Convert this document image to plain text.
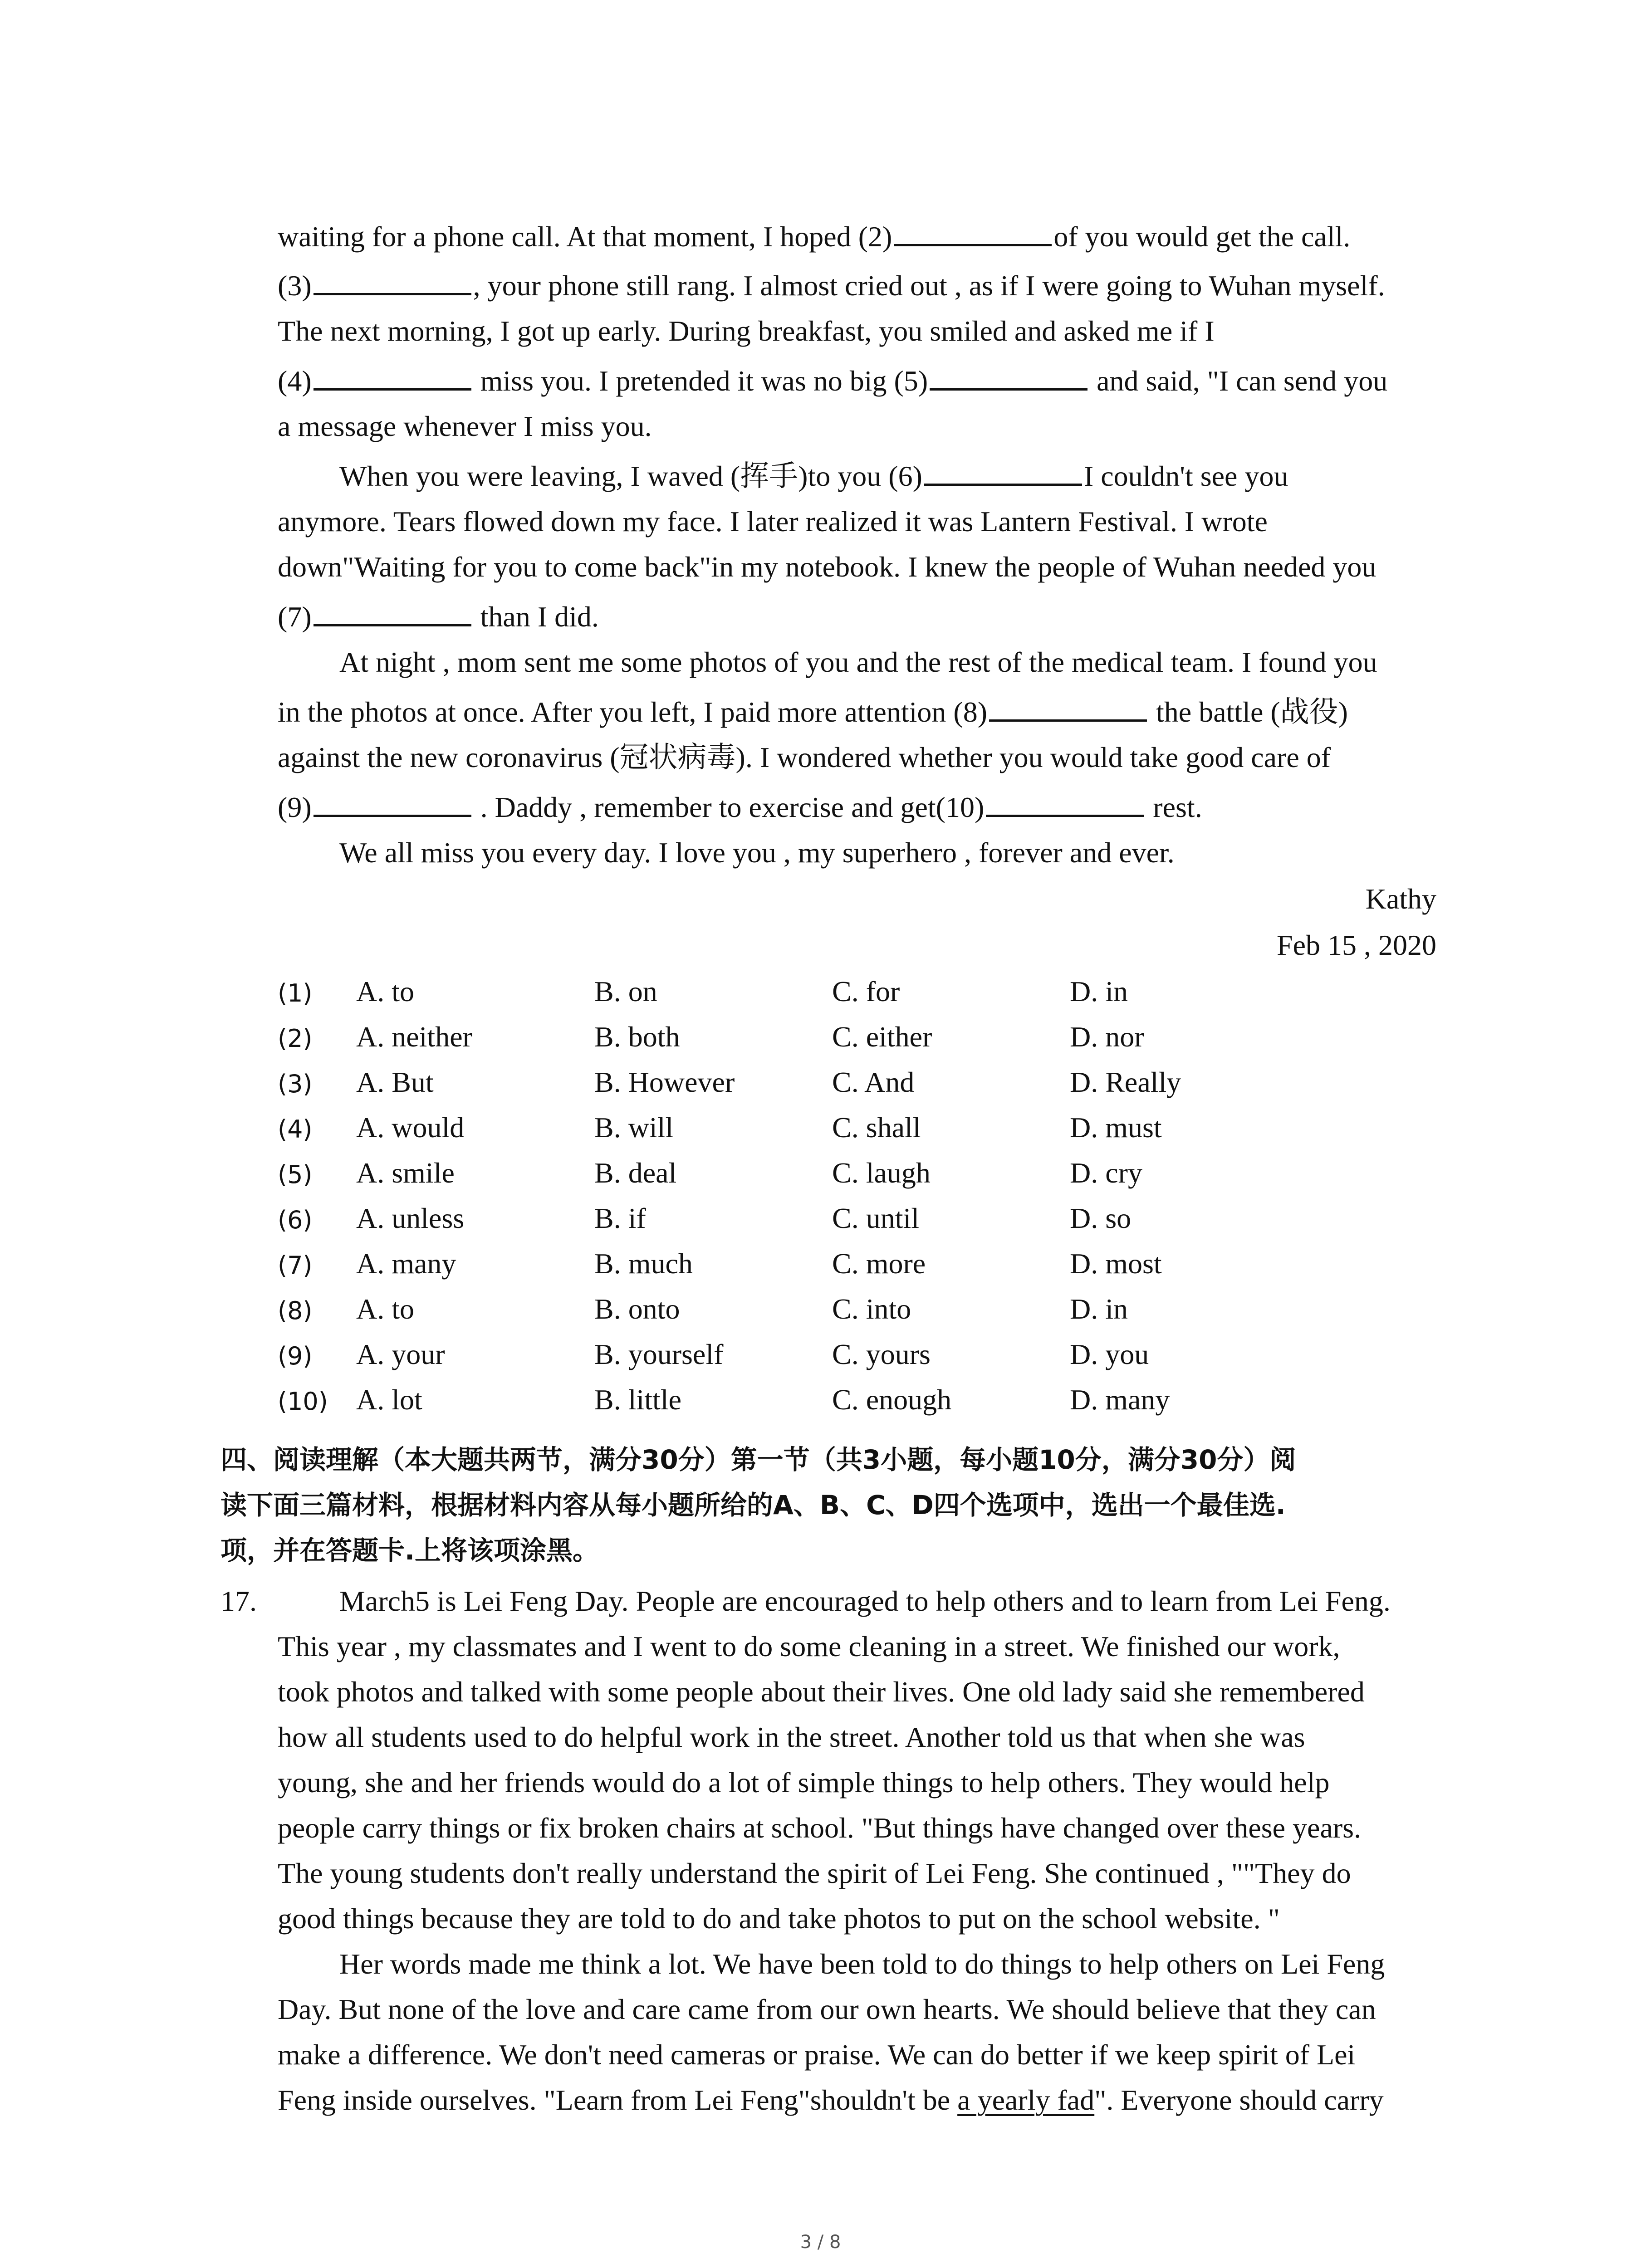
waiting for a phone call. At that moment, I hoped (2)	of you would get the call.
(3)	, your phone still rang. I almost cried out , as if I were going to Wuhan myself.
The next morning, I got up early. During breakfast, you smiled and asked me if I
(4)	miss you. I pretended it was no big (5)	and said, "I can send you
a message whenever I miss you.
When you were leaving, I waved (挥手)to you (6)	I couldn't see you
anymore. Tears flowed down my face. I later realized it was Lantern Festival. I wrote
down"Waiting for you to come back"in my notebook. I knew the people of Wuhan needed you
(7)	than I did.
At night , mom sent me some photos of you and the rest of the medical team. I found you
in the photos at once. After you left, I paid more attention (8)	the battle (战役)
against the new coronavirus (冠状病毒). I wondered whether you would take good care of
(9)	. Daddy , remember to exercise and get(10)	rest.
We all miss you every day. I love you , my superhero , forever and ever.
Kathy
Feb 15 , 2020
(1) A. to	B. on	C. for	D. in
(2) A. neither	B. both	C. either	D. nor
(3) A. But	B. However	C. And	D. Really
(4) A. would	B. will	C. shall	D. must
(5) A. smile	B. deal	C. laugh	D. cry
(6) A. unless	B. if	C. until	D. so
(7) A. many	B. much	C. more	D. most
(8) A. to	B. onto	C. into	D. in
(9) A. your	B. yourself	C. yours	D. you
(10) A. lot	B. little	C. enough	D. many
四、阅读理解（本大题共两节，满分30分）第一节（共3小题，每小题10分，满分30分）阅
读下面三篇材料，根据材料内容从每小题所给的A、B、C、D四个选项中，选出一个最佳选.
项，并在答题卡.上将该项涂黑。
17.	March5 is Lei Feng Day. People are encouraged to help others and to learn from Lei Feng.
This year , my classmates and I went to do some cleaning in a street. We finished our work,
took photos and talked with some people about their lives. One old lady said she remembered
how all students used to do helpful work in the street. Another told us that when she was
young, she and her friends would do a lot of simple things to help others. They would help
people carry things or fix broken chairs at school. "But things have changed over these years.
The young students don't really understand the spirit of Lei Feng. She continued , ""They do
good things because they are told to do and take photos to put on the school website. "
Her words made me think a lot. We have been told to do things to help others on Lei Feng
Day. But none of the love and care came from our own hearts. We should believe that they can
make a difference. We don't need cameras or praise. We can do better if we keep spirit of Lei
Feng inside ourselves. "Learn from Lei Feng"shouldn't be a yearly fad". Everyone should carry
3 / 8
